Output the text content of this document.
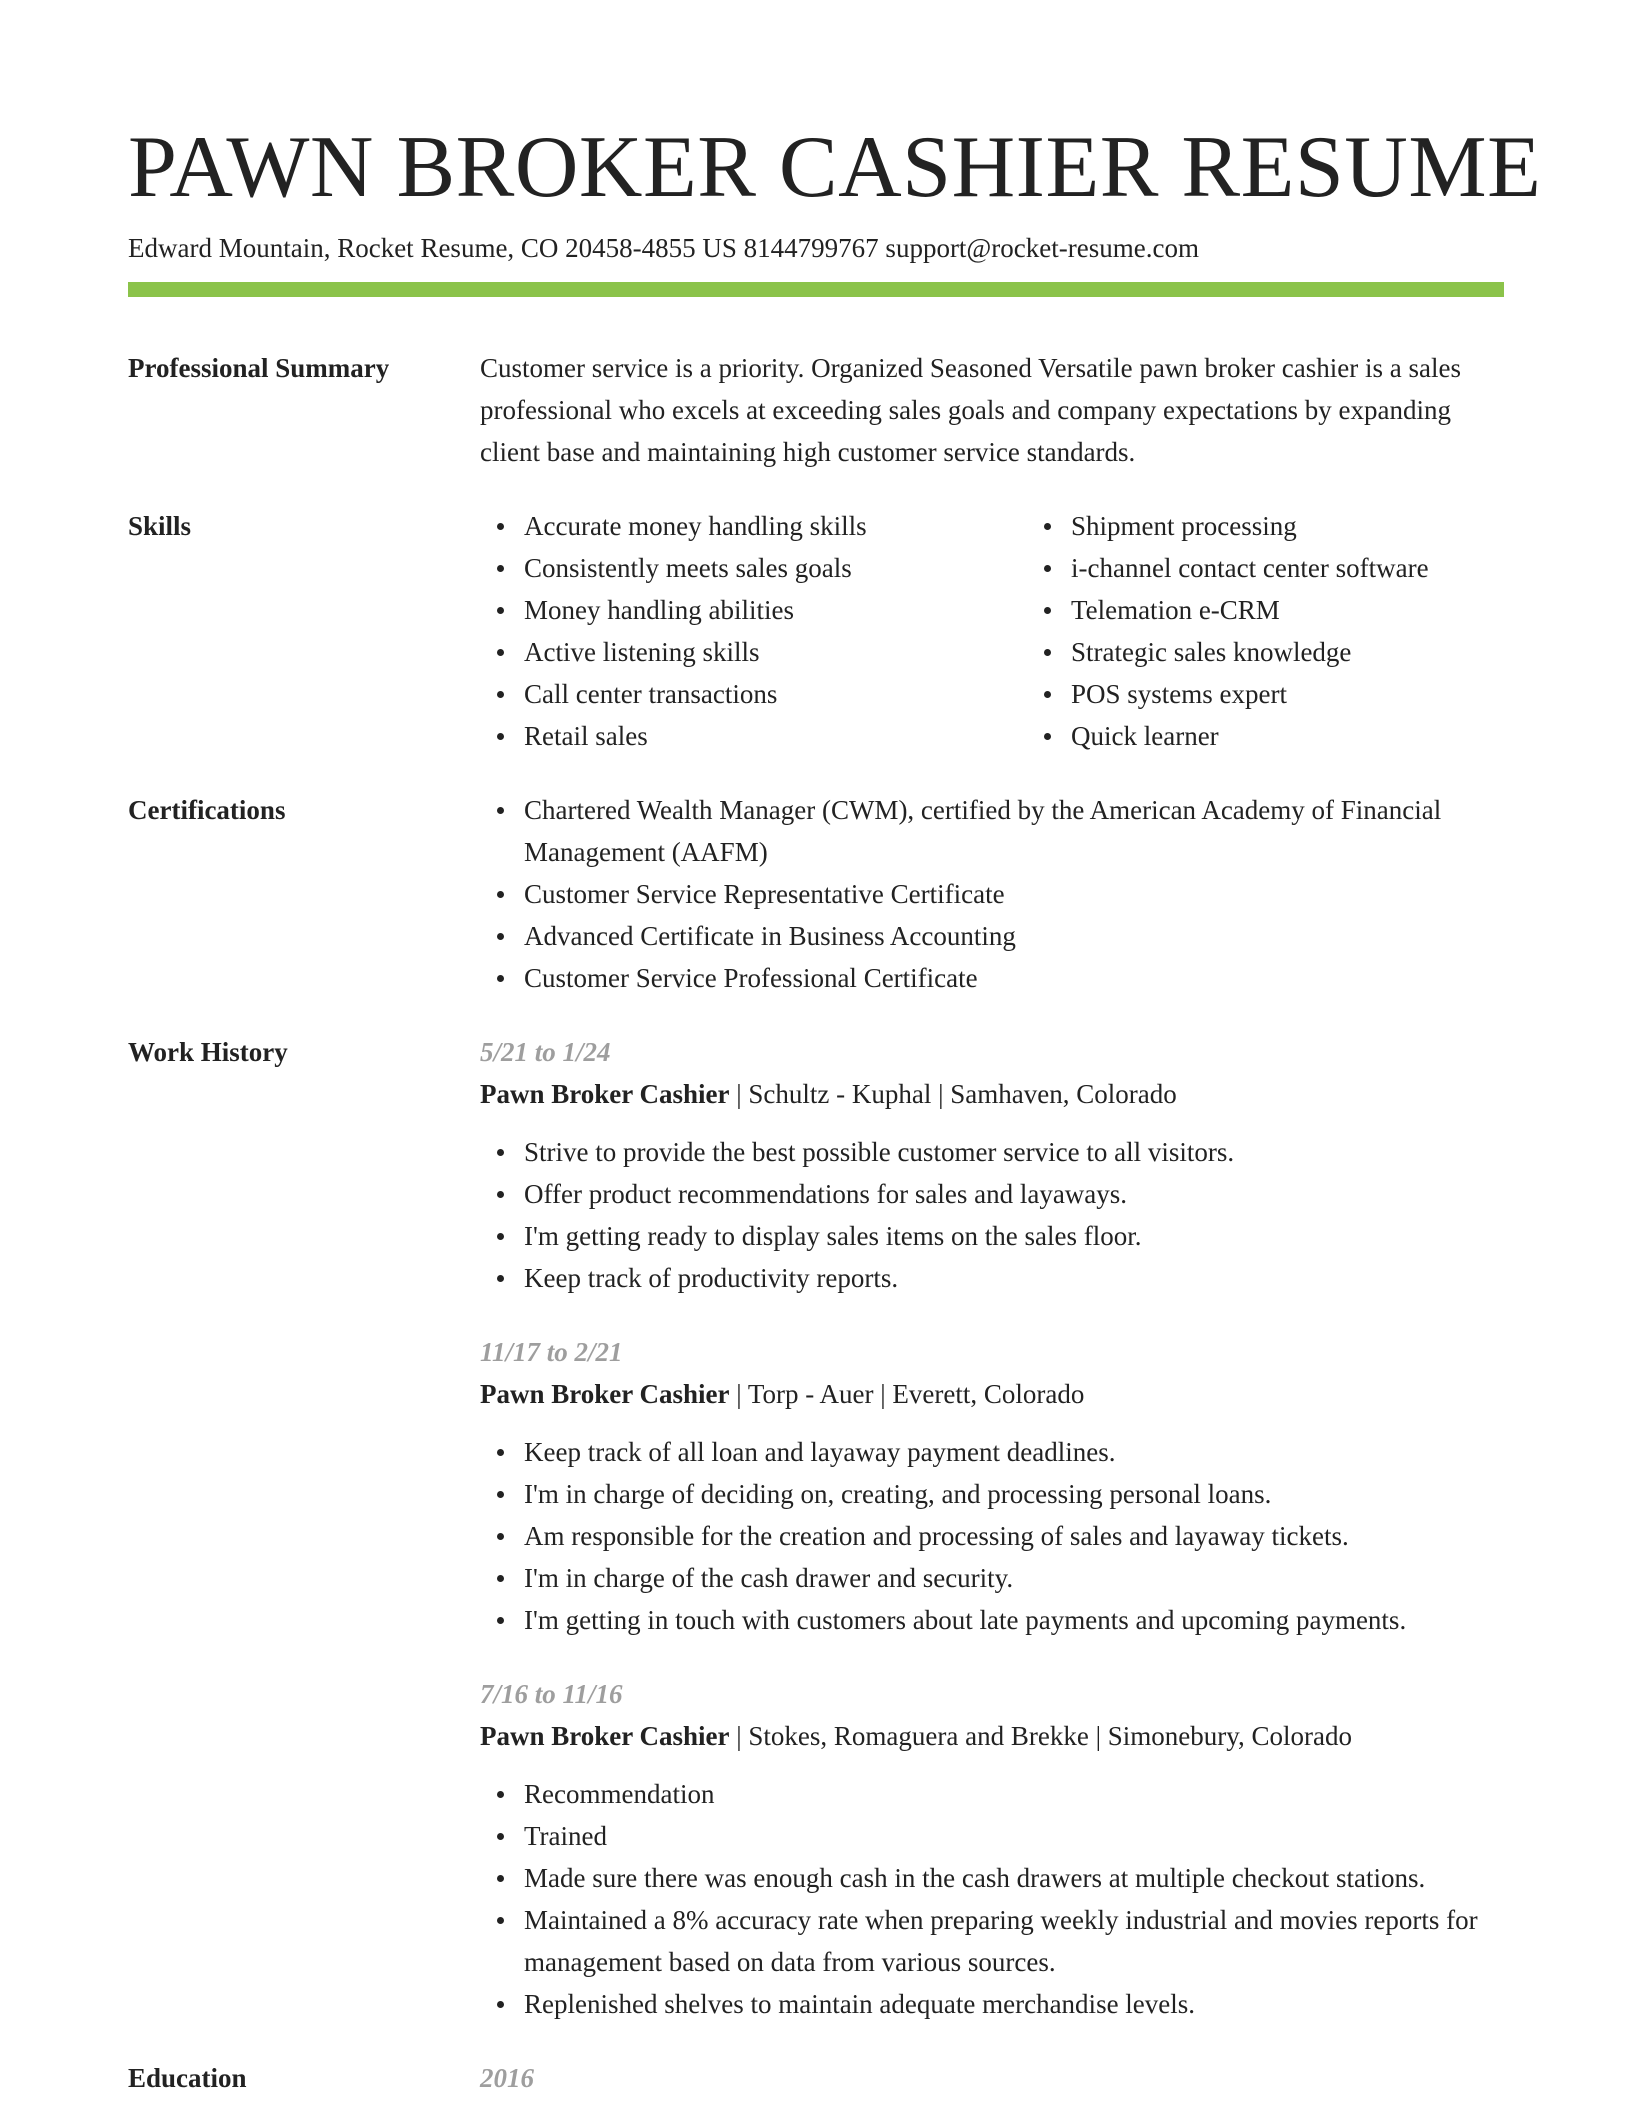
PAWN BROKER CASHIER RESUME
Edward Mountain, Rocket Resume, CO 20458-4855 US 8144799767 support@rocket-resume.com
Professional Summary	Customer service is a priority. Organized Seasoned Versatile pawn broker cashier is a sales professional who excels at exceeding sales goals and company expectations by expanding client base and maintaining high customer service standards.
Skills	Accurate money handling skills
Consistently meets sales goals
Money handling abilities
Active listening skills
Call center transactions
Retail sales
Shipment processing
i-channel contact center software
Telemation e-CRM
Strategic sales knowledge
POS systems expert
Quick learner
Certifications	Chartered Wealth Manager (CWM), certified by the American Academy of Financial Management (AAFM)
Customer Service Representative Certificate
Advanced Certificate in Business Accounting
Customer Service Professional Certificate
Work History	5/21 to 1/24
Pawn Broker Cashier | Schultz - Kuphal | Samhaven, Colorado
Strive to provide the best possible customer service to all visitors.
Offer product recommendations for sales and layaways.
I'm getting ready to display sales items on the sales floor.
Keep track of productivity reports.
11/17 to 2/21
Pawn Broker Cashier | Torp - Auer | Everett, Colorado
Keep track of all loan and layaway payment deadlines.
I'm in charge of deciding on, creating, and processing personal loans.
Am responsible for the creation and processing of sales and layaway tickets.
I'm in charge of the cash drawer and security.
I'm getting in touch with customers about late payments and upcoming payments.
7/16 to 11/16
Pawn Broker Cashier | Stokes, Romaguera and Brekke | Simonebury, Colorado
Recommendation
Trained
Made sure there was enough cash in the cash drawers at multiple checkout stations.
Maintained a 8% accuracy rate when preparing weekly industrial and movies reports for management based on data from various sources.
Replenished shelves to maintain adequate merchandise levels.
Education	2016
